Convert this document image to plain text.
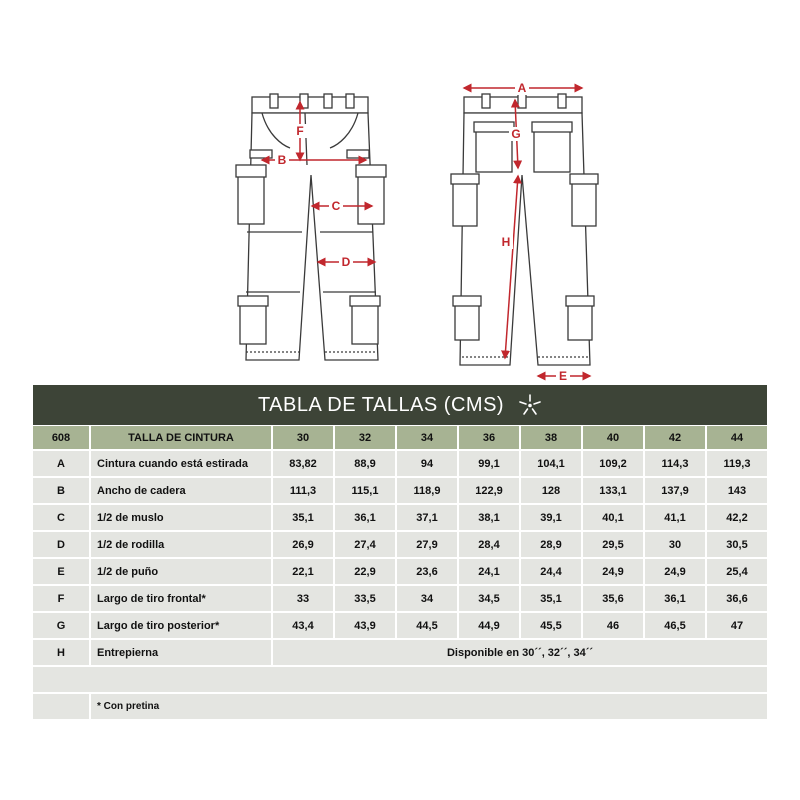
F
B
C
D
A
G
H
E
TABLA DE TALLAS (CMS)
608	TALLA DE CINTURA	30	32	34	36	38	40	42	44
A	Cintura cuando está estirada	83,82	88,9	94	99,1	104,1	109,2	114,3	119,3
B	Ancho de cadera	111,3	115,1	118,9	122,9	128	133,1	137,9	143
C	1/2 de muslo	35,1	36,1	37,1	38,1	39,1	40,1	41,1	42,2
D	1/2 de rodilla	26,9	27,4	27,9	28,4	28,9	29,5	30	30,5
E	1/2 de puño	22,1	22,9	23,6	24,1	24,4	24,9	24,9	25,4
F	Largo de tiro frontal*	33	33,5	34	34,5	35,1	35,6	36,1	36,6
G	Largo de tiro posterior*	43,4	43,9	44,5	44,9	45,5	46	46,5	47
H	Entrepierna	Disponible en 30´´, 32´´, 34´´
* Con pretina
